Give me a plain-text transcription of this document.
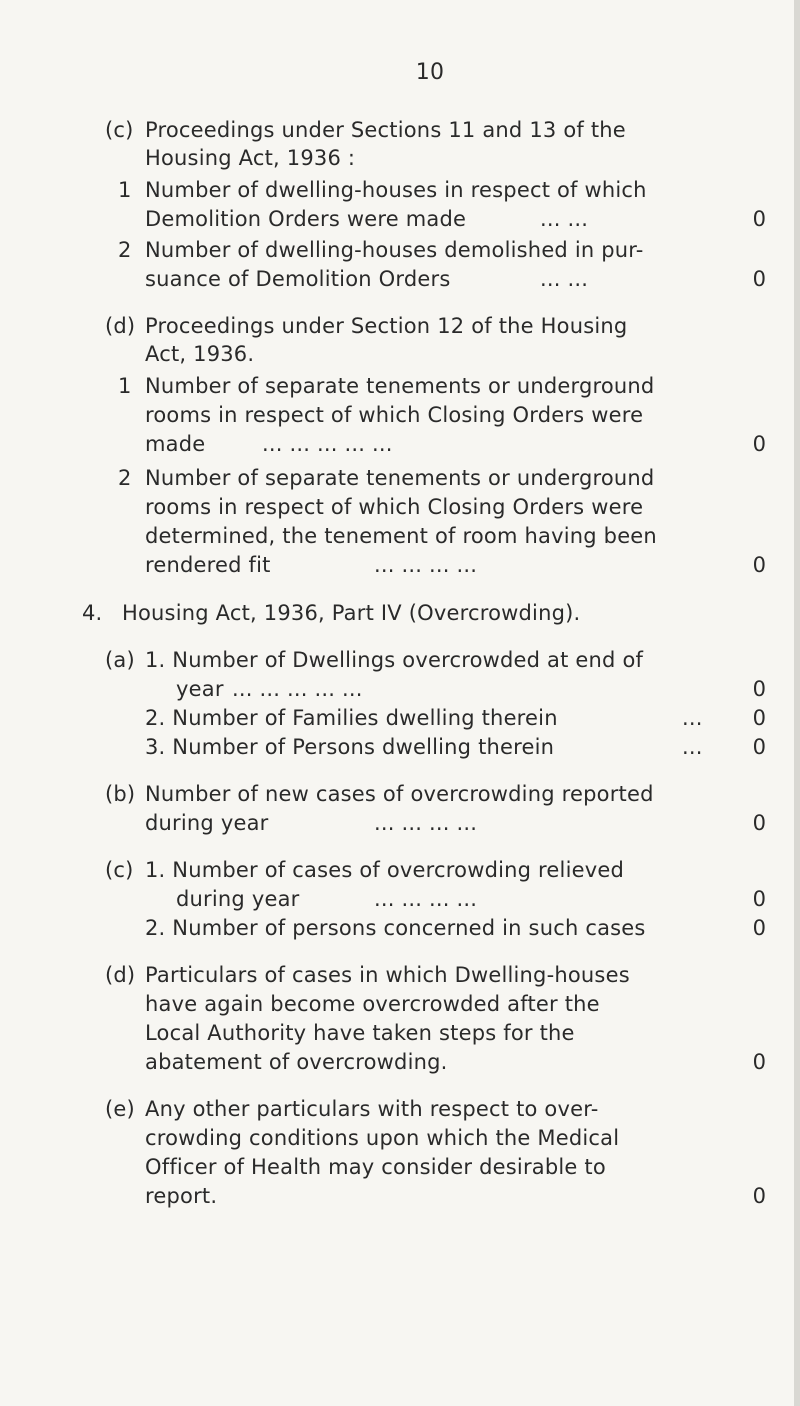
10
(c) Proceedings under Sections 11 and 13 of the
Housing Act, 1936 :
1 Number of dwelling-houses in respect of which
Demolition Orders were made	... ...	0
2 Number of dwelling-houses demolished in pur-
suance of Demolition Orders	... ...	0
(d) Proceedings under Section 12 of the Housing
Act, 1936.
1 Number of separate tenements or underground
rooms in respect of which Closing Orders were
made	... ... ... ... ...	0
2 Number of separate tenements or underground
rooms in respect of which Closing Orders were
determined, the tenement of room having been
rendered fit	... ... ... ...	0
4. Housing Act, 1936, Part IV (Overcrowding).
(a) 1. Number of Dwellings overcrowded at end of
year ... ... ... ... ...	0
2. Number of Families dwelling therein	... 0
3. Number of Persons dwelling therein	... 0
(b) Number of new cases of overcrowding reported
during year	... ... ... ...	0
(c) 1. Number of cases of overcrowding relieved
during year	... ... ... ...	0
2. Number of persons concerned in such cases	0
(d) Particulars of cases in which Dwelling-houses
have again become overcrowded after the
Local Authority have taken steps for the
abatement of overcrowding.	0
(e) Any other particulars with respect to over-
crowding conditions upon which the Medical
Officer of Health may consider desirable to
report.	0
